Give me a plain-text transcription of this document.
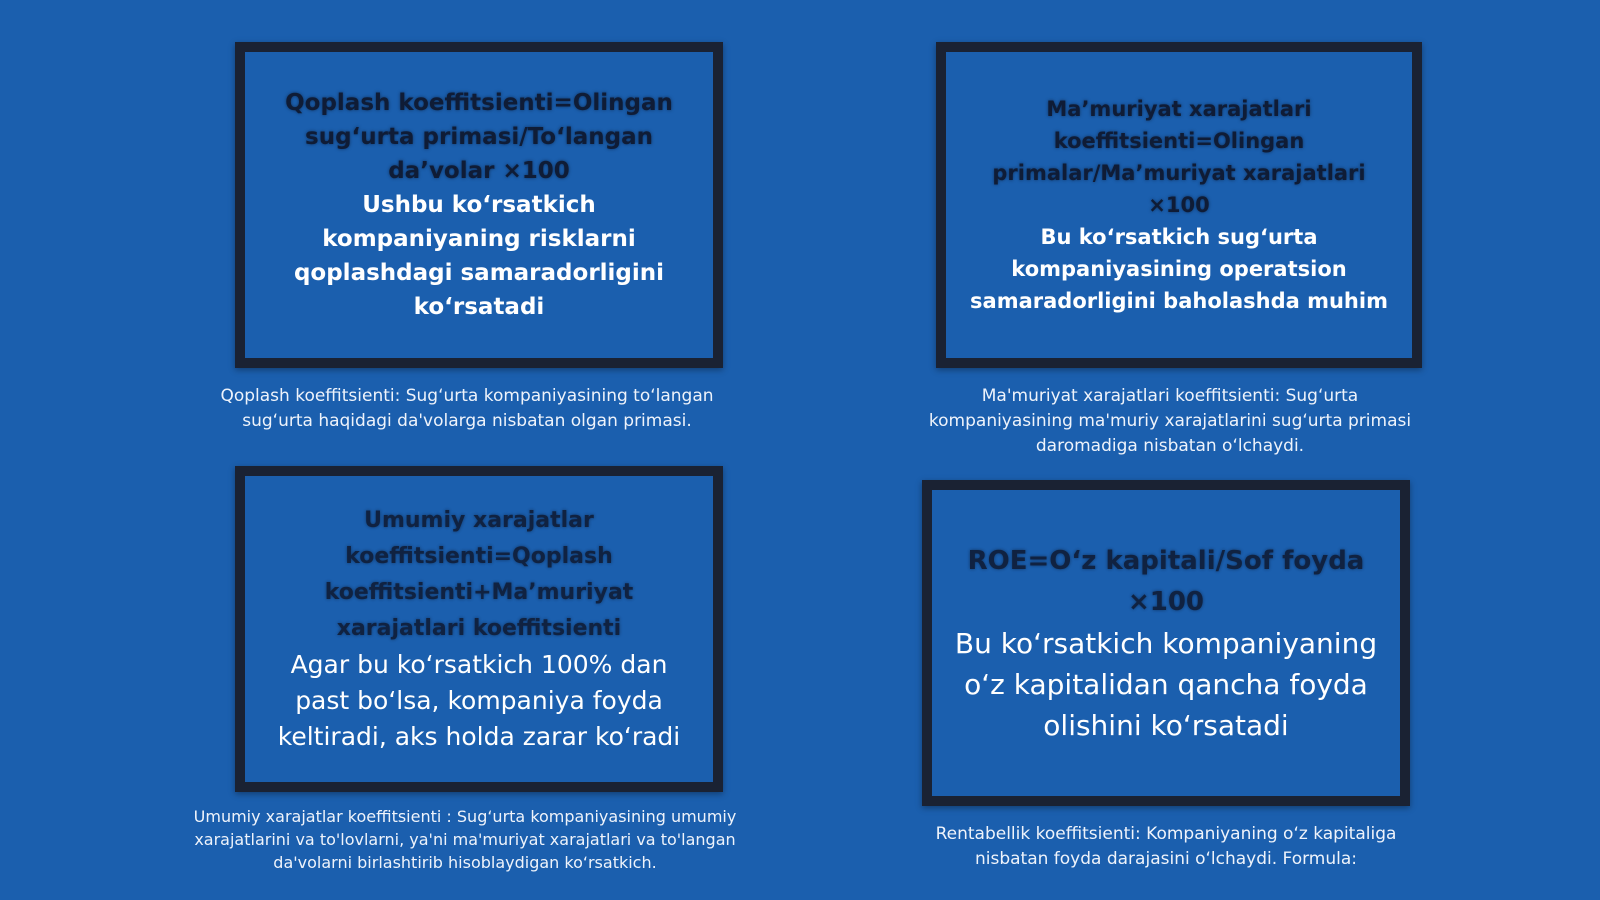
Qoplash koeffitsienti=Olingan sug‘urta primasi/To‘langan da’volar ×100
Ushbu ko‘rsatkich kompaniyaning risklarni qoplashdagi samaradorligini ko‘rsatadi
Qoplash koeffitsienti: Sug‘urta kompaniyasining to‘langan sug‘urta haqidagi da'volarga nisbatan olgan primasi.
Ma’muriyat xarajatlari koeffitsienti=Olingan primalar/Ma’muriyat xarajatlari ×100
Bu ko‘rsatkich sug‘urta kompaniyasining operatsion samaradorligini baholashda muhim
Ma'muriyat xarajatlari koeffitsienti: Sug‘urta kompaniyasining ma'muriy xarajatlarini sug‘urta primasi daromadiga nisbatan o‘lchaydi.
Umumiy xarajatlar koeffitsienti=Qoplash koeffitsienti+Ma’muriyat xarajatlari koeffitsienti
Agar bu ko‘rsatkich 100% dan past bo‘lsa, kompaniya foyda keltiradi, aks holda zarar ko‘radi
Umumiy xarajatlar koeffitsienti : Sug‘urta kompaniyasining umumiy xarajatlarini va to'lovlarni, ya'ni ma'muriyat xarajatlari va to'langan da'volarni birlashtirib hisoblaydigan ko‘rsatkich.
ROE=O‘z kapitali/Sof foyda ×100
Bu ko‘rsatkich kompaniyaning o‘z kapitalidan qancha foyda olishini ko‘rsatadi
Rentabellik koeffitsienti: Kompaniyaning o‘z kapitaliga nisbatan foyda darajasini o‘lchaydi. Formula:
